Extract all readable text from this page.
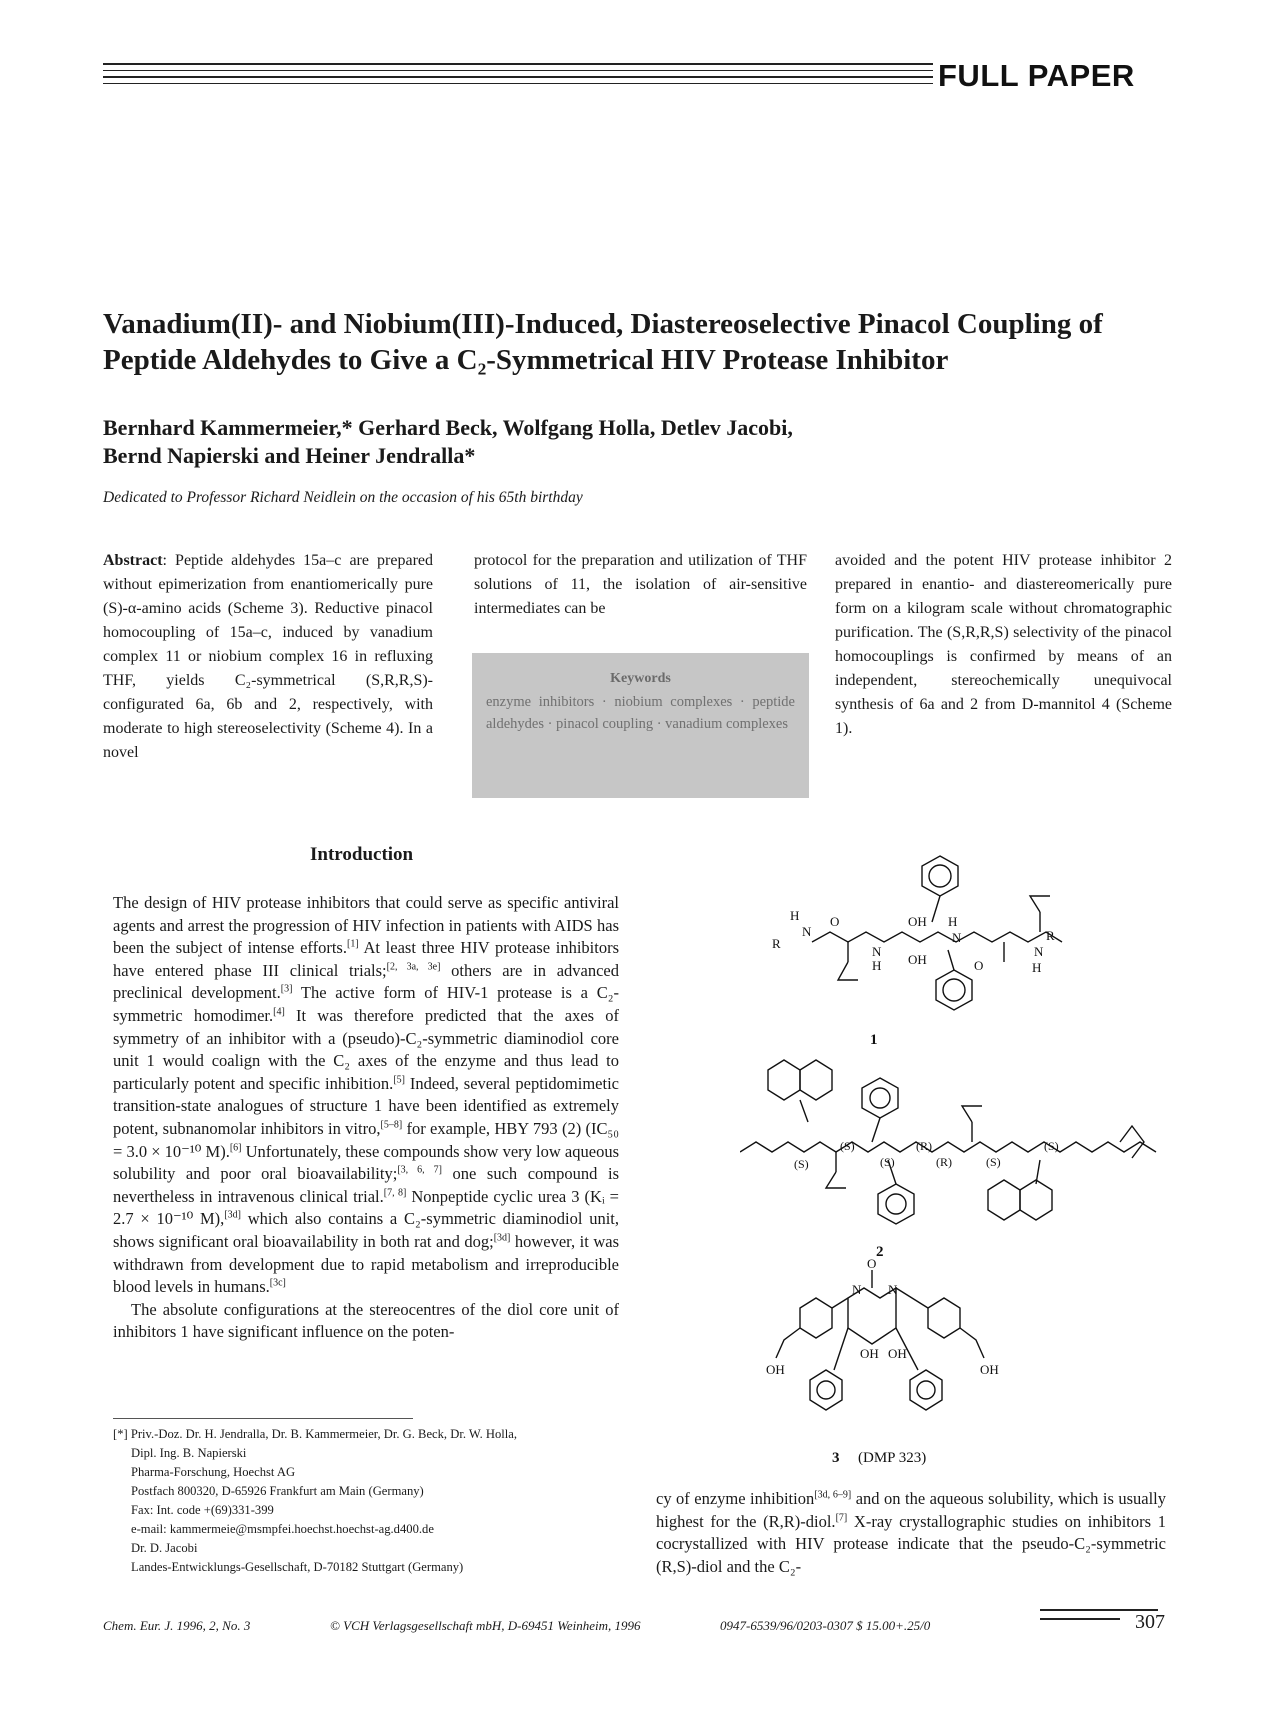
FULL PAPER
Vanadium(II)- and Niobium(III)-Induced, Diastereoselective Pinacol Coupling of
Peptide Aldehydes to Give a C₂-Symmetrical HIV Protease Inhibitor
Bernhard Kammermeier,* Gerhard Beck, Wolfgang Holla, Detlev Jacobi,
Bernd Napierski and Heiner Jendralla*
Dedicated to Professor Richard Neidlein on the occasion of his 65th birthday

Abstract: Peptide aldehydes 15a–c are prepared without epimerization from enantiomerically pure (S)-α-amino acids (Scheme 3). Reductive pinacol homocoupling of 15a–c, induced by vanadium complex 11 or niobium complex 16 in refluxing THF, yields C₂-symmetrical (S,R,R,S)-configurated 6a, 6b and 2, respectively, with moderate to high stereoselectivity (Scheme 4). In a novel

protocol for the preparation and utilization of THF solutions of 11, the isolation of air-sensitive intermediates can be

Keywords
enzyme inhibitors · niobium complexes · peptide aldehydes · pinacol coupling · vanadium complexes

avoided and the potent HIV protease inhibitor 2 prepared in enantio- and diastereomerically pure form on a kilogram scale without chromatographic purification. The (S,R,R,S) selectivity of the pinacol homocouplings is confirmed by means of an independent, stereochemically unequivocal synthesis of 6a and 2 from D-mannitol 4 (Scheme 1).

Introduction

The design of HIV protease inhibitors that could serve as specific antiviral agents and arrest the progression of HIV infection in patients with AIDS has been the subject of intense efforts.[1] At least three HIV protease inhibitors have entered phase III clinical trials;[2, 3a, 3e] others are in advanced preclinical development.[3] The active form of HIV-1 protease is a C₂-symmetric homodimer.[4] It was therefore predicted that the axes of symmetry of an inhibitor with a (pseudo)-C₂-symmetric diaminodiol core unit 1 would coalign with the C₂ axes of the enzyme and thus lead to particularly potent and specific inhibition.[5] Indeed, several peptidomimetic transition-state analogues of structure 1 have been identified as extremely potent, subnanomolar inhibitors in vitro,[5–8] for example, HBY 793 (2) (IC₅₀ = 3.0 × 10⁻¹⁰ M).[6] Unfortunately, these compounds show very low aqueous solubility and poor oral bioavailability;[3, 6, 7] one such compound is nevertheless in intravenous clinical trial.[7, 8] Nonpeptide cyclic urea 3 (Kᵢ = 2.7 × 10⁻¹⁰ M),[3d] which also contains a C₂-symmetric diaminodiol unit, shows significant oral bioavailability in both rat and dog;[3d] however, it was withdrawn from development due to rapid metabolism and irreproducible blood levels in humans.[3c]

The absolute configurations at the stereocentres of the diol core unit of inhibitors 1 have significant influence on the poten-

[*] Priv.-Doz. Dr. H. Jendralla, Dr. B. Kammermeier, Dr. G. Beck, Dr. W. Holla,
Dipl. Ing. B. Napierski
Pharma-Forschung, Hoechst AG
Postfach 800320, D-65926 Frankfurt am Main (Germany)
Fax: Int. code +(69)331-399
e-mail: kammermeie@msmpfei.hoechst.hoechst-ag.d400.de
Dr. D. Jacobi
Landes-Entwicklungs-Gesellschaft, D-70182 Stuttgart (Germany)
cy of enzyme inhibition[3d, 6–9] and on the aqueous solubility, which is usually highest for the (R,R)-diol.[7] X-ray crystallographic studies on inhibitors 1 cocrystallized with HIV protease indicate that the pseudo-C₂-symmetric (R,S)-diol and the C₂-
H
N
R
O
N
H
OH
OH
H
N
O
N
R
H
1
(S)
(S)
(S)
(R)
(R)	(S)
(S)
2
O
N N
OH
OH OH
OH
3 (DMP 323)
Chem. Eur. J. 1996, 2, No. 3	© VCH Verlagsgesellschaft mbH, D-69451 Weinheim, 1996	0947-6539/96/0203-0307 $ 15.00+.25/0	307
